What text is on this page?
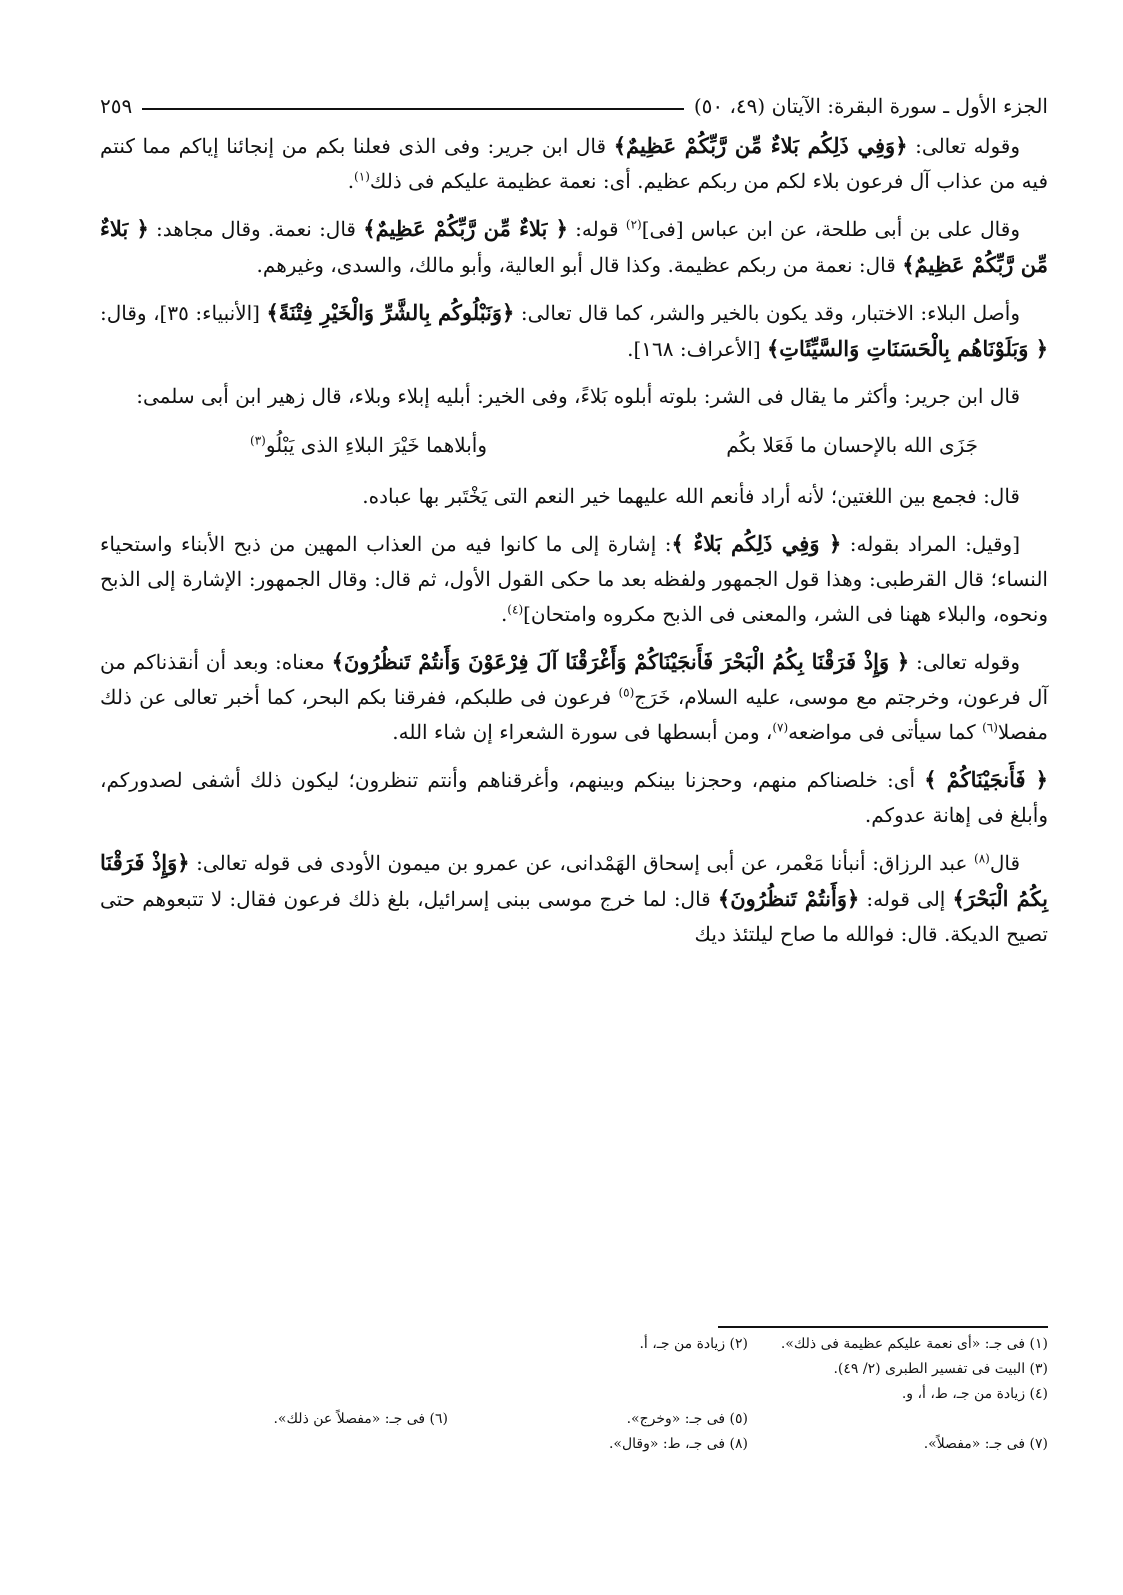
الجزء الأول ـ سورة البقرة: الآيتان (٤٩، ٥٠)
٢٥٩

وقوله تعالى: ﴿وَفِي ذَلِكُم بَلاءٌ مِّن رَّبِّكُمْ عَظِيمٌ﴾ قال ابن جرير: وفى الذى فعلنا بكم من إنجائنا إياكم مما كنتم فيه من عذاب آل فرعون بلاء لكم من ربكم عظيم. أى: نعمة عظيمة عليكم فى ذلك$^{(١)}$.

وقال على بن أبى طلحة، عن ابن عباس [فى]$^{(٢)}$ قوله: ﴿ بَلاءٌ مِّن رَّبِّكُمْ عَظِيمٌ﴾ قال: نعمة. وقال مجاهد: ﴿ بَلاءٌ مِّن رَّبِّكُمْ عَظِيمٌ﴾ قال: نعمة من ربكم عظيمة. وكذا قال أبو العالية، وأبو مالك، والسدى، وغيرهم.

وأصل البلاء: الاختبار، وقد يكون بالخير والشر، كما قال تعالى: ﴿وَنَبْلُوكُم بِالشَّرِّ وَالْخَيْرِ فِتْنَةً﴾ [الأنبياء: ٣٥]، وقال: ﴿ وَبَلَوْنَاهُم بِالْحَسَنَاتِ وَالسَّيِّئَاتِ﴾ [الأعراف: ١٦٨].

قال ابن جرير: وأكثر ما يقال فى الشر: بلوته أبلوه بَلاءً، وفى الخير: أبليه إبلاء وبلاء، قال زهير ابن أبى سلمى:

جَزَى الله بالإحسان ما فَعَلا بكُم
وأبلاهما خَيْرَ البلاءِ الذى يَبْلُو$^{(٣)}$

قال: فجمع بين اللغتين؛ لأنه أراد فأنعم الله عليهما خير النعم التى يَخْتَبر بها عباده.

[وقيل: المراد بقوله: ﴿ وَفِي ذَلِكُم بَلاءٌ ﴾: إشارة إلى ما كانوا فيه من العذاب المهين من ذبح الأبناء واستحياء النساء؛ قال القرطبى: وهذا قول الجمهور ولفظه بعد ما حكى القول الأول، ثم قال: وقال الجمهور: الإشارة إلى الذبح ونحوه، والبلاء ههنا فى الشر، والمعنى فى الذبح مكروه وامتحان]$^{(٤)}$.

وقوله تعالى: ﴿ وَإِذْ فَرَقْنَا بِكُمُ الْبَحْرَ فَأَنجَيْنَاكُمْ وَأَغْرَقْنَا آلَ فِرْعَوْنَ وَأَنتُمْ تَنظُرُونَ﴾ معناه: وبعد أن أنقذناكم من آل فرعون، وخرجتم مع موسى، عليه السلام، خَرَج$^{(٥)}$ فرعون فى طلبكم، ففرقنا بكم البحر، كما أخبر تعالى عن ذلك مفصلا$^{(٦)}$ كما سيأتى فى مواضعه$^{(٧)}$، ومن أبسطها فى سورة الشعراء إن شاء الله.

﴿ فَأَنجَيْنَاكُمْ ﴾ أى: خلصناكم منهم، وحجزنا بينكم وبينهم، وأغرقناهم وأنتم تنظرون؛ ليكون ذلك أشفى لصدوركم، وأبلغ فى إهانة عدوكم.

قال$^{(٨)}$ عبد الرزاق: أنبأنا مَعْمر، عن أبى إسحاق الهَمْدانى، عن عمرو بن ميمون الأودى فى قوله تعالى: ﴿وَإِذْ فَرَقْنَا بِكُمُ الْبَحْرَ﴾ إلى قوله: ﴿وَأَنتُمْ تَنظُرُونَ﴾ قال: لما خرج موسى ببنى إسرائيل، بلغ ذلك فرعون فقال: لا تتبعوهم حتى تصيح الديكة. قال: فوالله ما صاح ليلتئذ ديك

(١) فى جـ: «أى نعمة عليكم عظيمة فى ذلك».
(٢) زيادة من جـ، أ.
(٣) البيت فى تفسير الطبرى (٢/ ٤٩).
(٤) زيادة من جـ، ط، أ، و.
(٥) فى جـ: «وخرج».
(٦) فى جـ: «مفصلاً عن ذلك».
(٧) فى جـ: «مفصلاً».
(٨) فى جـ، ط: «وقال».
